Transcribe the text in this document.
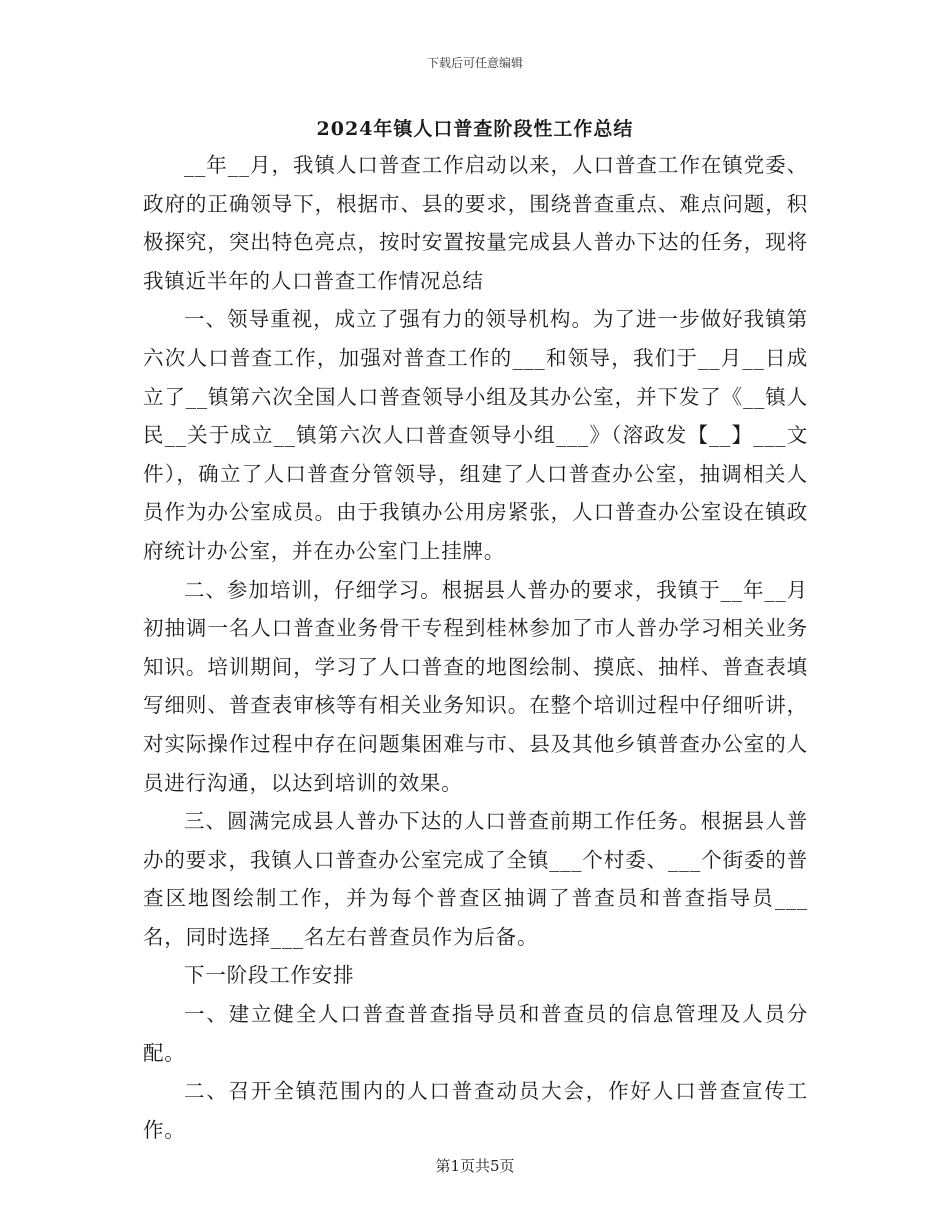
下载后可任意编辑
2024年镇人口普查阶段性工作总结

__年__月，我镇人口普查工作启动以来，人口普查工作在镇党委、政府的正确领导下，根据市、县的要求，围绕普查重点、难点问题，积极探究，突出特色亮点，按时安置按量完成县人普办下达的任务，现将我镇近半年的人口普查工作情况总结

一、领导重视，成立了强有力的领导机构。为了进一步做好我镇第六次人口普查工作，加强对普查工作的___和领导，我们于__月__日成立了__镇第六次全国人口普查领导小组及其办公室，并下发了《__镇人民__关于成立__镇第六次人口普查领导小组___》（溶政发【__】___文件），确立了人口普查分管领导，组建了人口普查办公室，抽调相关人员作为办公室成员。由于我镇办公用房紧张，人口普查办公室设在镇政府统计办公室，并在办公室门上挂牌。

二、参加培训，仔细学习。根据县人普办的要求，我镇于__年__月初抽调一名人口普查业务骨干专程到桂林参加了市人普办学习相关业务知识。培训期间，学习了人口普查的地图绘制、摸底、抽样、普查表填写细则、普查表审核等有相关业务知识。在整个培训过程中仔细听讲，对实际操作过程中存在问题集困难与市、县及其他乡镇普查办公室的人员进行沟通，以达到培训的效果。

三、圆满完成县人普办下达的人口普查前期工作任务。根据县人普办的要求，我镇人口普查办公室完成了全镇___个村委、___个街委的普查区地图绘制工作，并为每个普查区抽调了普查员和普查指导员___名，同时选择___名左右普查员作为后备。

下一阶段工作安排

一、建立健全人口普查普查指导员和普查员的信息管理及人员分配。

二、召开全镇范围内的人口普查动员大会，作好人口普查宣传工作。

第1页共5页
